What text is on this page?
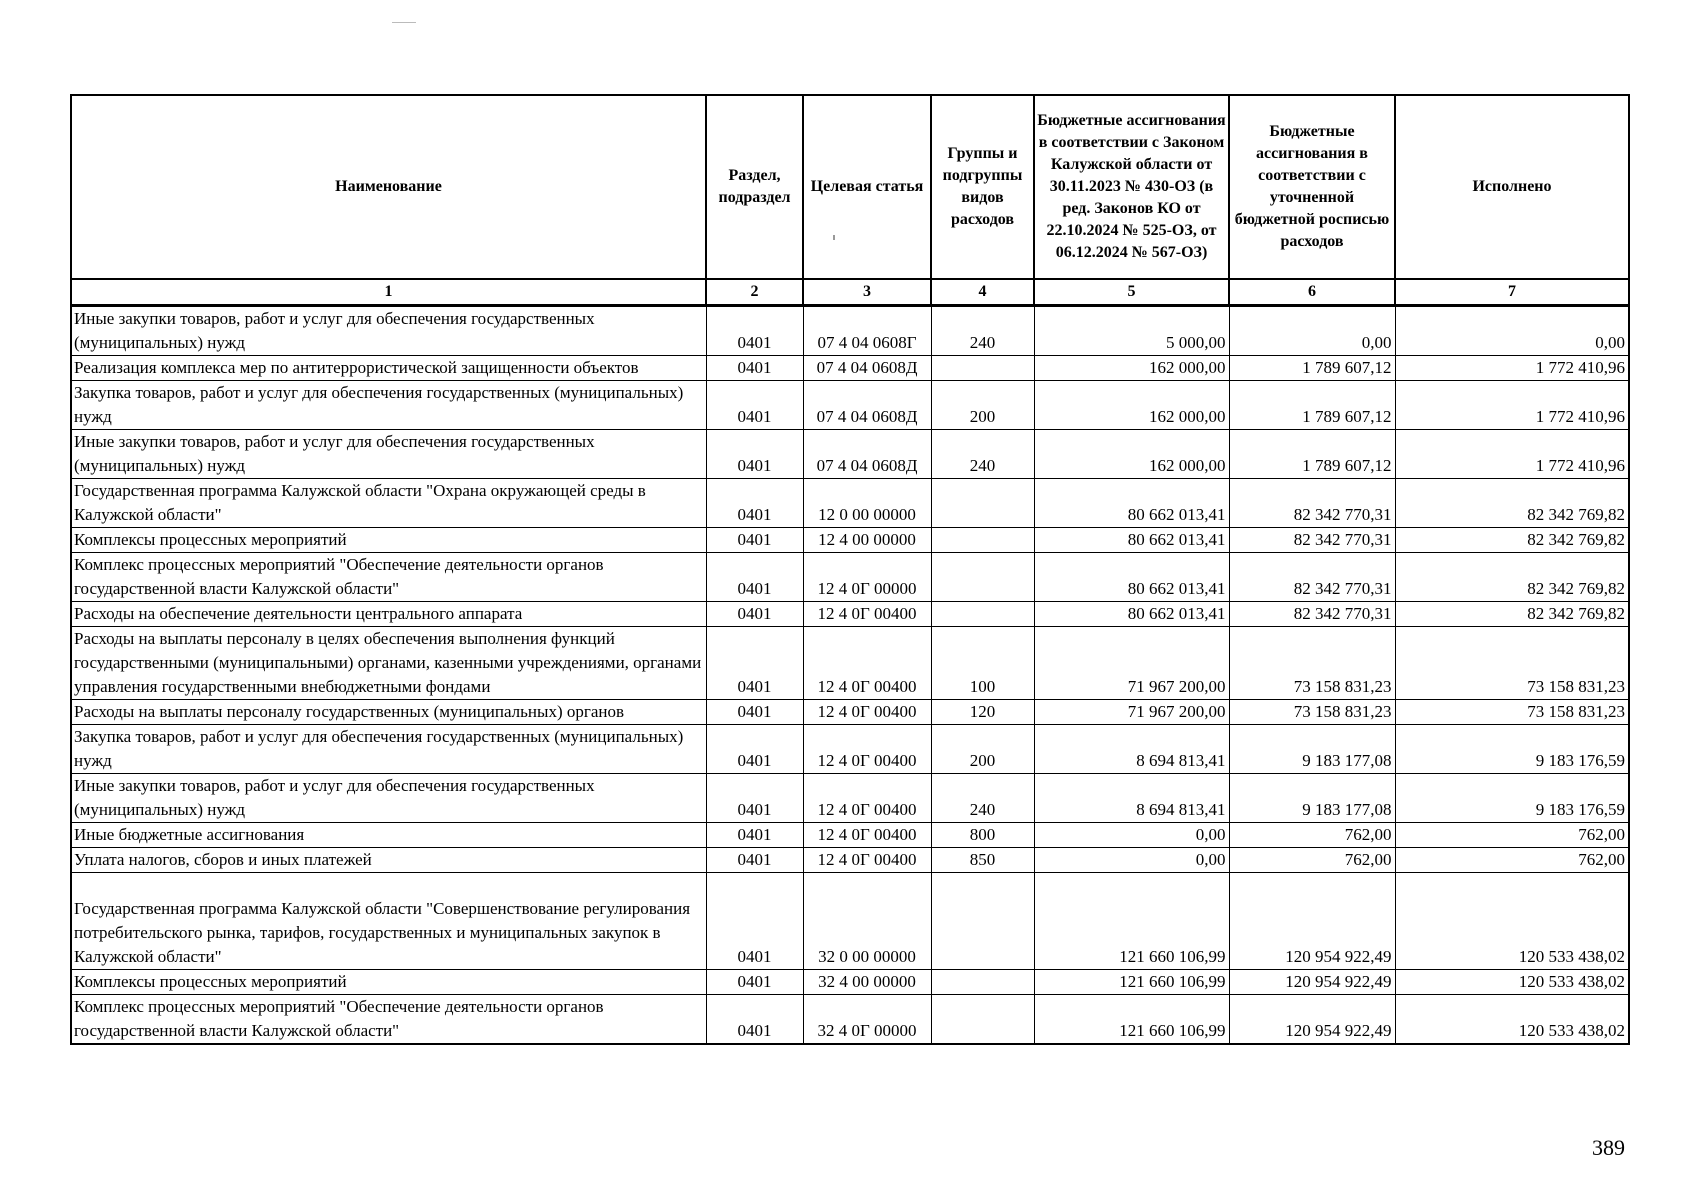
Наименование	Раздел, подраздел	Целевая статья	Группы и подгруппы видов расходов	Бюджетные ассигнования в соответствии с Законом Калужской области от 30.11.2023 № 430-ОЗ (в ред. Законов КО от 22.10.2024 № 525-ОЗ, от 06.12.2024 № 567-ОЗ)	Бюджетные ассигнования в соответствии с уточненной бюджетной росписью расходов	Исполнено
1	2	3	4	5	6	7
Иные закупки товаров, работ и услуг для обеспечения государственных (муниципальных) нужд	0401	07 4 04 0608Г	240	5 000,00	0,00	0,00
Реализация комплекса мер по антитеррористической защищенности объектов	0401	07 4 04 0608Д		162 000,00	1 789 607,12	1 772 410,96
Закупка товаров, работ и услуг для обеспечения государственных (муниципальных) нужд	0401	07 4 04 0608Д	200	162 000,00	1 789 607,12	1 772 410,96
Иные закупки товаров, работ и услуг для обеспечения государственных (муниципальных) нужд	0401	07 4 04 0608Д	240	162 000,00	1 789 607,12	1 772 410,96
Государственная программа Калужской области "Охрана окружающей среды в Калужской области"	0401	12 0 00 00000		80 662 013,41	82 342 770,31	82 342 769,82
Комплексы процессных мероприятий	0401	12 4 00 00000		80 662 013,41	82 342 770,31	82 342 769,82
Комплекс процессных мероприятий "Обеспечение деятельности органов государственной власти Калужской области"	0401	12 4 0Г 00000		80 662 013,41	82 342 770,31	82 342 769,82
Расходы на обеспечение деятельности центрального аппарата	0401	12 4 0Г 00400		80 662 013,41	82 342 770,31	82 342 769,82
Расходы на выплаты персоналу в целях обеспечения выполнения функций государственными (муниципальными) органами, казенными учреждениями, органами управления государственными внебюджетными фондами	0401	12 4 0Г 00400	100	71 967 200,00	73 158 831,23	73 158 831,23
Расходы на выплаты персоналу государственных (муниципальных) органов	0401	12 4 0Г 00400	120	71 967 200,00	73 158 831,23	73 158 831,23
Закупка товаров, работ и услуг для обеспечения государственных (муниципальных) нужд	0401	12 4 0Г 00400	200	8 694 813,41	9 183 177,08	9 183 176,59
Иные закупки товаров, работ и услуг для обеспечения государственных (муниципальных) нужд	0401	12 4 0Г 00400	240	8 694 813,41	9 183 177,08	9 183 176,59
Иные бюджетные ассигнования	0401	12 4 0Г 00400	800	0,00	762,00	762,00
Уплата налогов, сборов и иных платежей	0401	12 4 0Г 00400	850	0,00	762,00	762,00
Государственная программа Калужской области "Совершенствование регулирования потребительского рынка, тарифов, государственных и муниципальных закупок в Калужской области"	0401	32 0 00 00000		121 660 106,99	120 954 922,49	120 533 438,02
Комплексы процессных мероприятий	0401	32 4 00 00000		121 660 106,99	120 954 922,49	120 533 438,02
Комплекс процессных мероприятий "Обеспечение деятельности органов государственной власти Калужской области"	0401	32 4 0Г 00000		121 660 106,99	120 954 922,49	120 533 438,02
389
